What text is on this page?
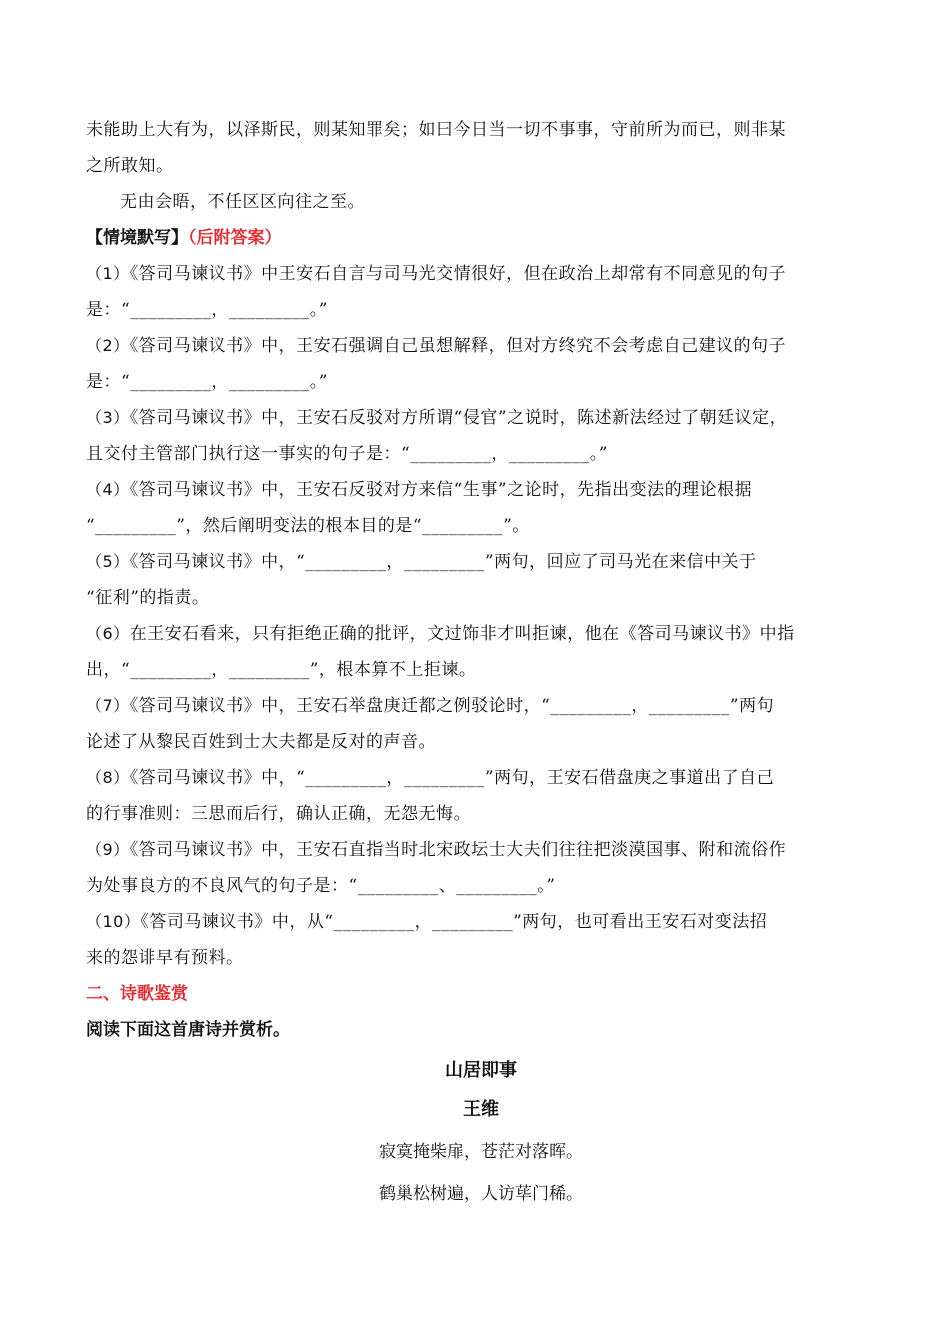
未能助上大有为，以泽斯民，则某知罪矣；如曰今日当一切不事事，守前所为而已，则非某
之所敢知。
无由会晤，不任区区向往之至。
【情境默写】（后附答案）
（1）《答司马谏议书》中王安石自言与司马光交情很好，但在政治上却常有不同意见的句子
是：“_________，_________。”
（2）《答司马谏议书》中，王安石强调自己虽想解释，但对方终究不会考虑自己建议的句子
是：“_________，_________。”
（3）《答司马谏议书》中，王安石反驳对方所谓“侵官”之说时，陈述新法经过了朝廷议定，
且交付主管部门执行这一事实的句子是：“_________，_________。”
（4）《答司马谏议书》中，王安石反驳对方来信“生事”之论时，先指出变法的理论根据
“_________”，然后阐明变法的根本目的是“_________”。
（5）《答司马谏议书》中，“_________，_________”两句，回应了司马光在来信中关于
“征利”的指责。
（6）在王安石看来，只有拒绝正确的批评，文过饰非才叫拒谏，他在《答司马谏议书》中指
出，“_________，_________”，根本算不上拒谏。
（7）《答司马谏议书》中，王安石举盘庚迁都之例驳论时，“_________，_________”两句
论述了从黎民百姓到士大夫都是反对的声音。
（8）《答司马谏议书》中，“_________，_________”两句，王安石借盘庚之事道出了自己
的行事准则：三思而后行，确认正确，无怨无悔。
（9）《答司马谏议书》中，王安石直指当时北宋政坛士大夫们往往把淡漠国事、附和流俗作
为处事良方的不良风气的句子是：“_________、_________。”
（10）《答司马谏议书》中，从“_________，_________”两句，也可看出王安石对变法招
来的怨诽早有预料。
二、诗歌鉴赏
阅读下面这首唐诗并赏析。
山居即事
王维
寂寞掩柴扉，苍茫对落晖。
鹤巢松树遍，人访荜门稀。
